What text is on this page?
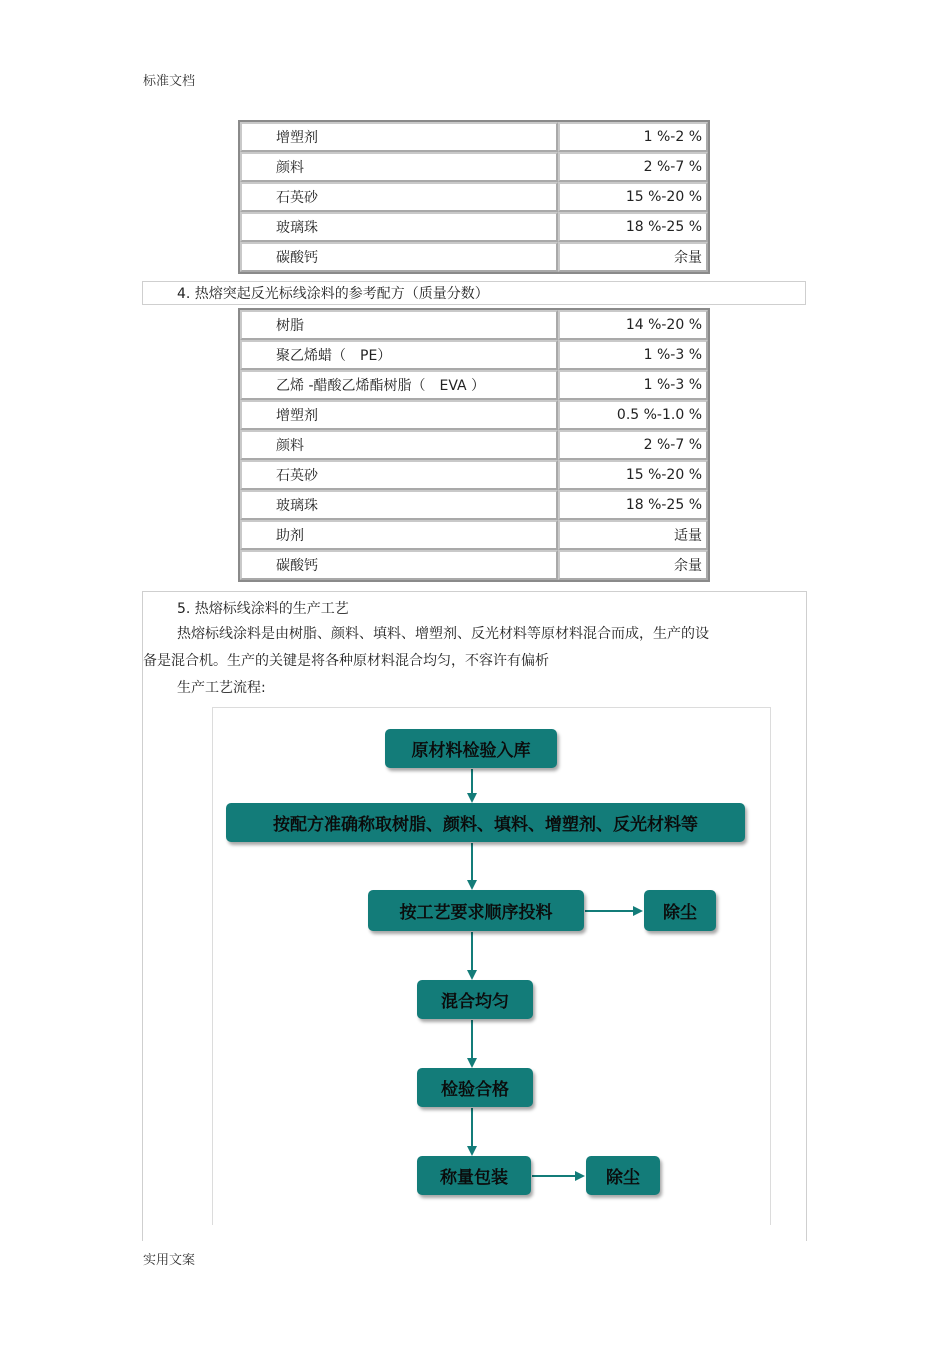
标准文档
增塑剂	1 %-2 %
颜料	2 %-7 %
石英砂	15 %-20 %
玻璃珠	18 %-25 %
碳酸钙	余量
4. 热熔突起反光标线涂料的参考配方（质量分数）
树脂	14 %-20 %
聚乙烯蜡（　PE）	1 %-3 %
乙烯 -醋酸乙烯酯树脂（　EVA ）	1 %-3 %
增塑剂	0.5 %-1.0 %
颜料	2 %-7 %
石英砂	15 %-20 %
玻璃珠	18 %-25 %
助剂	适量
碳酸钙	余量
5. 热熔标线涂料的生产工艺
热熔标线涂料是由树脂、颜料、填料、增塑剂、反光材料等原材料混合而成，生产的设
备是混合机。生产的关键是将各种原材料混合均匀，不容许有偏析
生产工艺流程:
原材料检验入库
按配方准确称取树脂、颜料、填料、增塑剂、反光材料等
按工艺要求顺序投料	除尘
混合均匀
检验合格
称量包装	除尘
实用文案
